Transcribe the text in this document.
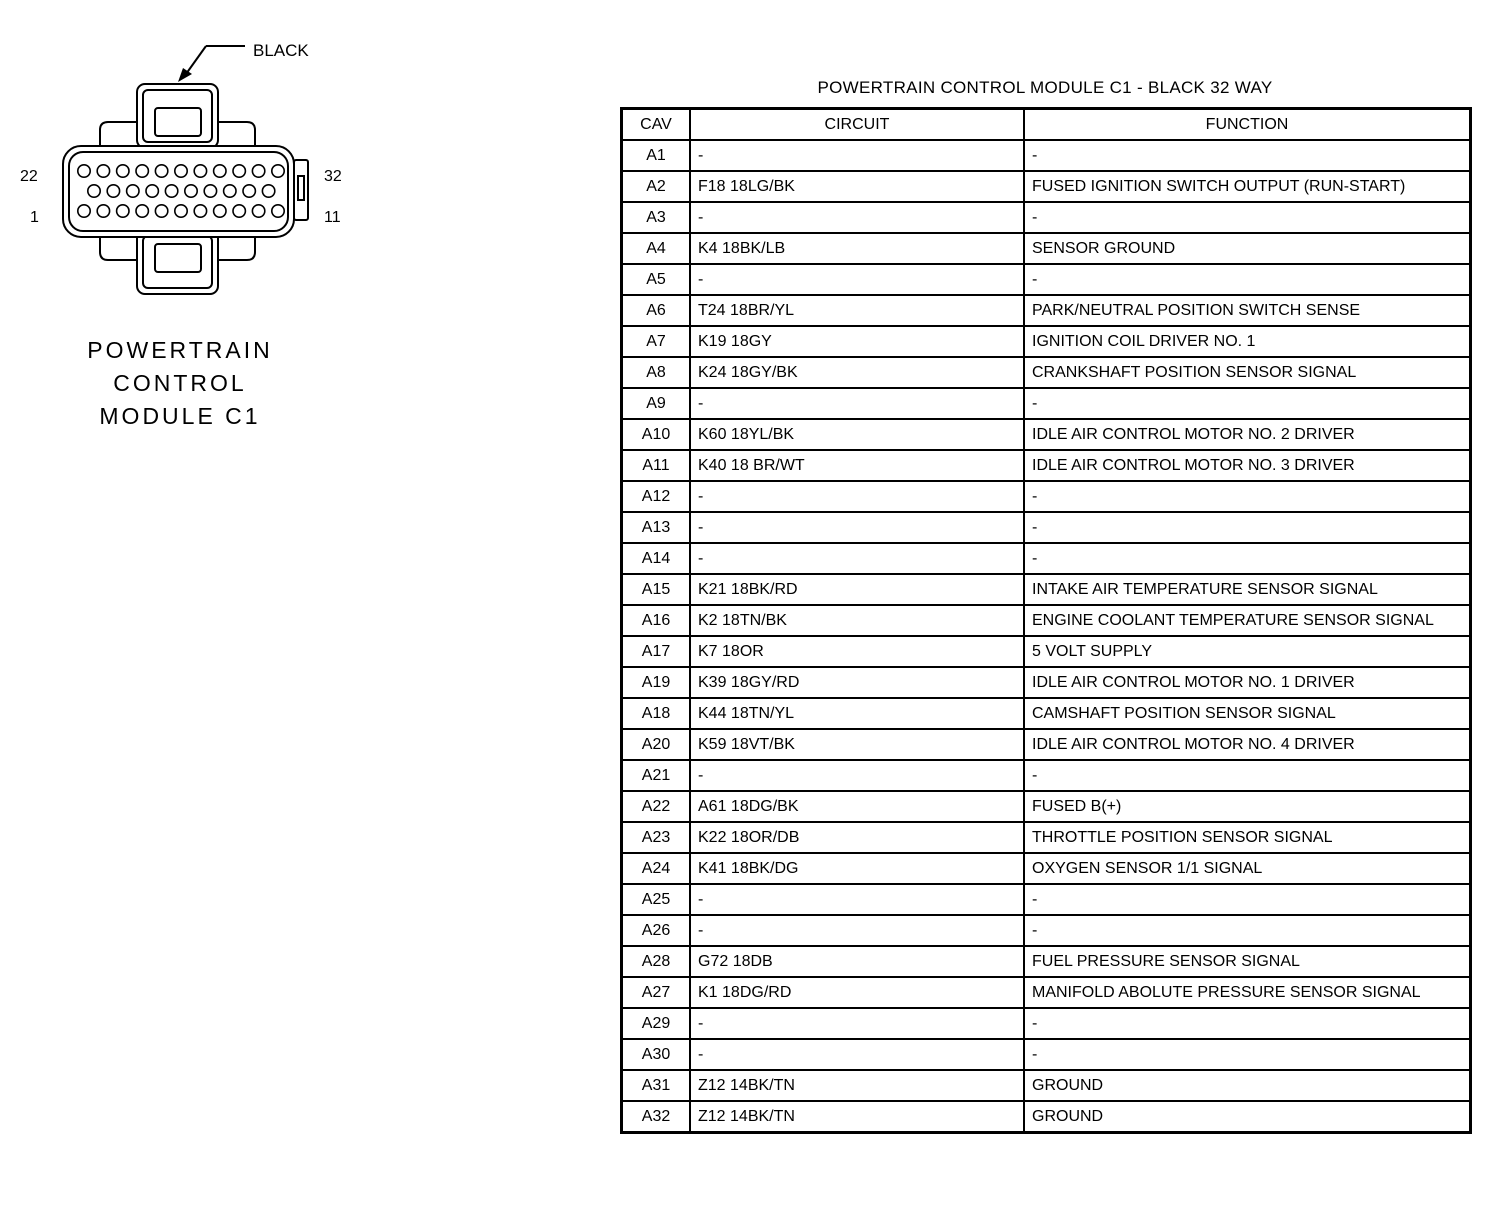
BLACK
22
1
32
11
POWERTRAIN
CONTROL
MODULE C1
POWERTRAIN CONTROL MODULE C1 - BLACK 32 WAY
CAV	CIRCUIT	FUNCTION
A1	-	-
A2	F18 18LG/BK	FUSED IGNITION SWITCH OUTPUT (RUN-START)
A3	-	-
A4	K4 18BK/LB	SENSOR GROUND
A5	-	-
A6	T24 18BR/YL	PARK/NEUTRAL POSITION SWITCH SENSE
A7	K19 18GY	IGNITION COIL DRIVER NO. 1
A8	K24 18GY/BK	CRANKSHAFT POSITION SENSOR SIGNAL
A9	-	-
A10	K60 18YL/BK	IDLE AIR CONTROL MOTOR NO. 2 DRIVER
A11	K40 18 BR/WT	IDLE AIR CONTROL MOTOR NO. 3 DRIVER
A12	-	-
A13	-	-
A14	-	-
A15	K21 18BK/RD	INTAKE AIR TEMPERATURE SENSOR SIGNAL
A16	K2 18TN/BK	ENGINE COOLANT TEMPERATURE SENSOR SIGNAL
A17	K7 18OR	5 VOLT SUPPLY
A19	K39 18GY/RD	IDLE AIR CONTROL MOTOR NO. 1 DRIVER
A18	K44 18TN/YL	CAMSHAFT POSITION SENSOR SIGNAL
A20	K59 18VT/BK	IDLE AIR CONTROL MOTOR NO. 4 DRIVER
A21	-	-
A22	A61 18DG/BK	FUSED B(+)
A23	K22 18OR/DB	THROTTLE POSITION SENSOR SIGNAL
A24	K41 18BK/DG	OXYGEN SENSOR 1/1 SIGNAL
A25	-	-
A26	-	-
A28	G72 18DB	FUEL PRESSURE SENSOR SIGNAL
A27	K1 18DG/RD	MANIFOLD ABOLUTE PRESSURE SENSOR SIGNAL
A29	-	-
A30	-	-
A31	Z12 14BK/TN	GROUND
A32	Z12 14BK/TN	GROUND
